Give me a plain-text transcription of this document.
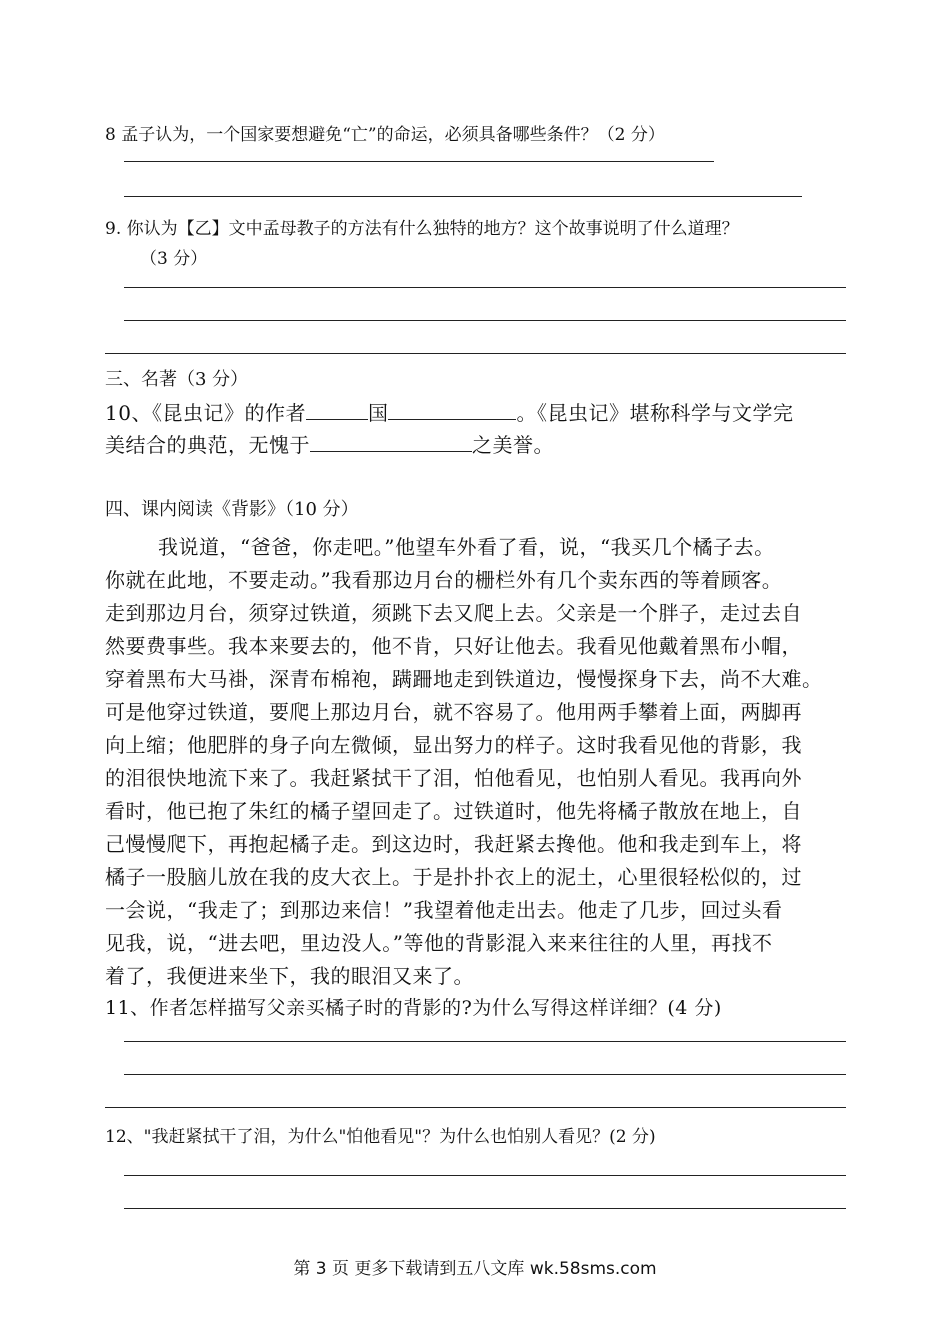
8 孟子认为，一个国家要想避免“亡”的命运，必须具备哪些条件？（2 分）
9. 你认为【乙】文中孟母教子的方法有什么独特的地方？这个故事说明了什么道理？
（3 分）
三、名著（3 分）
10、《昆虫记》的作者	国	。《昆虫记》堪称科学与文学完
美结合的典范，无愧于	之美誉。
四、课内阅读《背影》（10 分）
我说道，“爸爸，你走吧。”他望车外看了看，说，“我买几个橘子去。
你就在此地，不要走动。”我看那边月台的栅栏外有几个卖东西的等着顾客。
走到那边月台，须穿过铁道，须跳下去又爬上去。父亲是一个胖子，走过去自
然要费事些。我本来要去的，他不肯，只好让他去。我看见他戴着黑布小帽，
穿着黑布大马褂，深青布棉袍，蹒跚地走到铁道边，慢慢探身下去，尚不大难。
可是他穿过铁道，要爬上那边月台，就不容易了。他用两手攀着上面，两脚再
向上缩；他肥胖的身子向左微倾，显出努力的样子。这时我看见他的背影，我
的泪很快地流下来了。我赶紧拭干了泪，怕他看见，也怕别人看见。我再向外
看时，他已抱了朱红的橘子望回走了。过铁道时，他先将橘子散放在地上，自
己慢慢爬下，再抱起橘子走。到这边时，我赶紧去搀他。他和我走到车上，将
橘子一股脑儿放在我的皮大衣上。于是扑扑衣上的泥土，心里很轻松似的，过
一会说，“我走了；到那边来信！”我望着他走出去。他走了几步，回过头看
见我，说，“进去吧，里边没人。”等他的背影混入来来往往的人里，再找不
着了，我便进来坐下，我的眼泪又来了。
11、作者怎样描写父亲买橘子时的背影的?为什么写得这样详细？(4 分)
12、"我赶紧拭干了泪，为什么"怕他看见"？为什么也怕别人看见？(2 分)
第 3 页 更多下载请到五八文库 wk.58sms.com
